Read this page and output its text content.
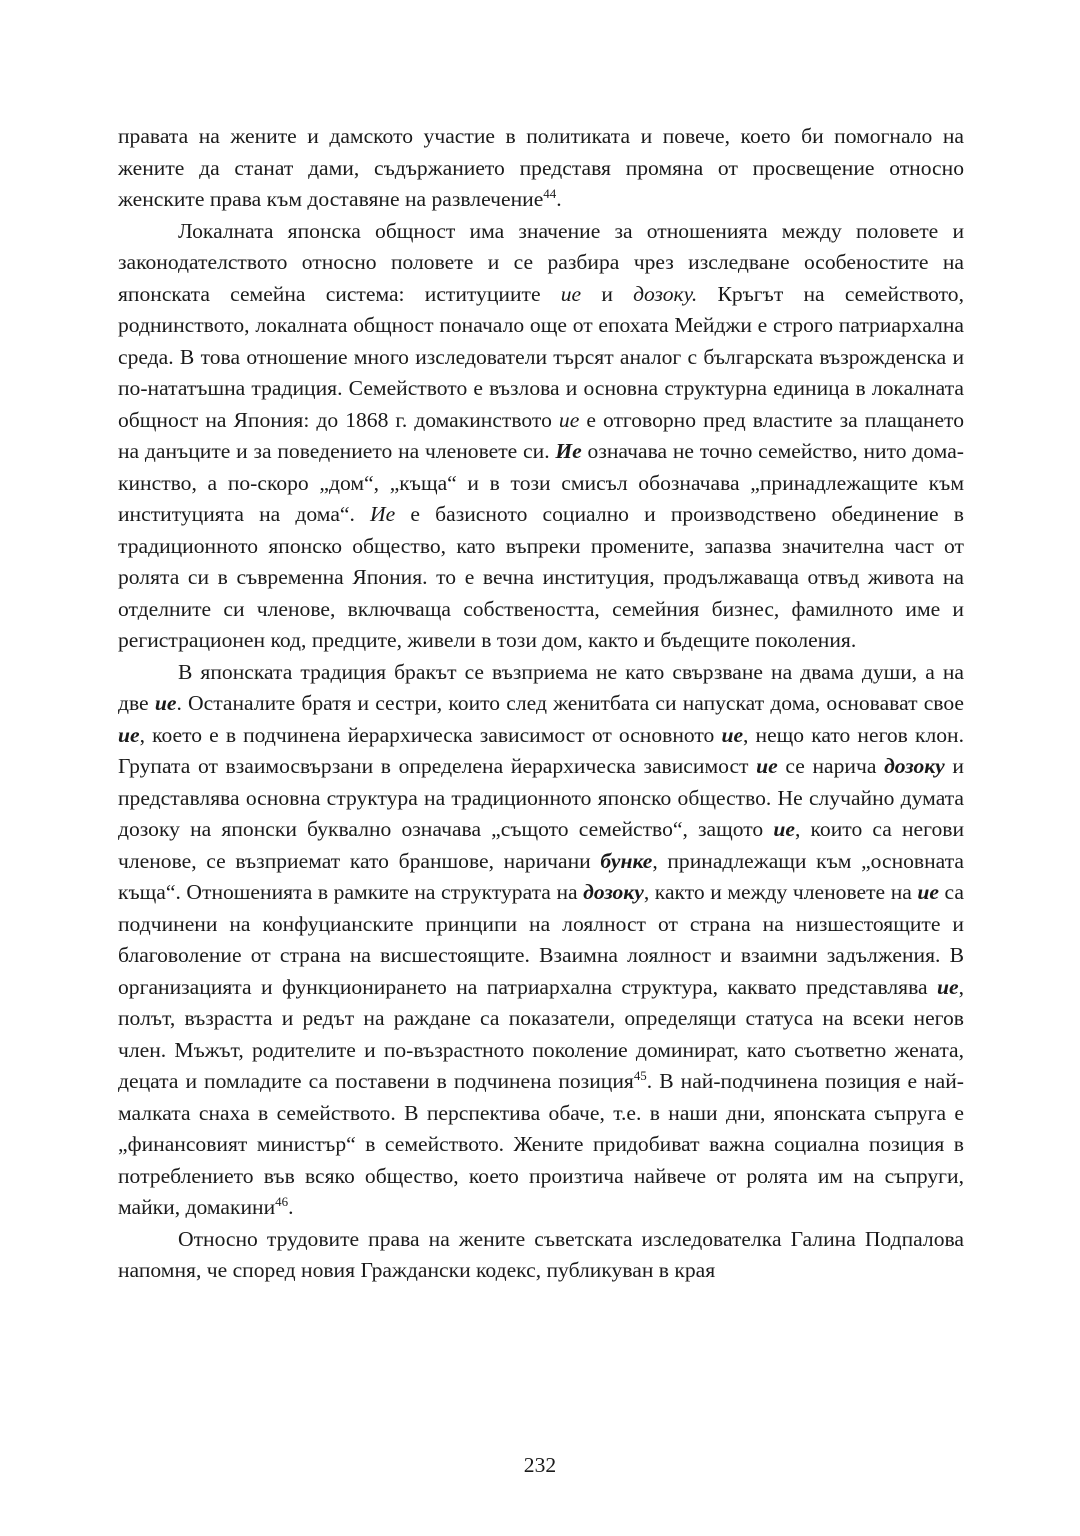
правата на жените и дамското участие в политиката и повече, което би помогнало на жените да станат дами, съдържанието представя промяна от просвещение относно женските права към доставяне на развлечение$^{44}$.

Локалната японска общност има значение за отношенията между половете и законодателството относно половете и се разбира чрез изследване особеностите на японската семейна система: иституциите ие и дозоку. Кръгът на семейството, роднинството, локалната общност поначало още от епохата Мейджи е строго патриархална среда. В това отношение много изследователи търсят аналог с българската възрожденска и по-нататъшна традиция. Семейството е възлова и основна структурна единица в локалната общност на Япония: до 1868 г. домакинството ие е отговорно пред властите за плащането на данъците и за поведението на членовете си. Ие означава не точно семейство, нито домакинство, а по-скоро „дом“, „къща“ и в този смисъл обозначава „принадлежащите към институцията на дома“. Ие е базисното социално и производствено обединение в традиционното японско общество, като въпреки промените, запазва значителна част от ролята си в съвременна Япония. то е вечна институция, продължаваща отвъд живота на отделните си членове, включваща собствеността, семейния бизнес, фамилното име и регистрационен код, предците, живели в този дом, както и бъдещите поколения.

В японската традиция бракът се възприема не като свързване на двама души, а на две ие. Останалите братя и сестри, които след женитбата си напускат дома, основават свое ие, което е в подчинена йерархическа зависимост от основното ие, нещо като негов клон. Групата от взаимосвързани в определена йерархическа зависимост ие се нарича дозоку и представлява основна структура на традиционното японско общество. Не случайно думата дозоку на японски буквално означава „същото семейство“, защото ие, които са негови членове, се възприемат като браншове, наричани бунке, принадлежащи към „основната къща“. Отношенията в рамките на структурата на дозоку, както и между членовете на ие са подчинени на конфуцианските принципи на лоялност от страна на низшестоящите и благоволение от страна на висшестоящите. Взаимна лоялност и взаимни задължения. В организацията и функционирането на патриархална структура, каквато представлява ие, полът, възрастта и редът на раждане са показатели, определящи статуса на всеки негов член. Мъжът, родителите и по-възрастното поколение доминират, като съответно жената, децата и помладите са поставени в подчинена позиция$^{45}$. В най-подчинена позиция е наймалката снаха в семейството. В перспектива обаче, т.е. в наши дни, японската съпруга е „финансовият министър“ в семейството. Жените придобиват важна социална позиция в потреблението във всяко общество, което произтича найвече от ролята им на съпруги, майки, домакини$^{46}$.

Относно трудовите права на жените съветската изследователка Галина Подпалова напомня, че според новия Граждански кодекс, публикуван в края

232
